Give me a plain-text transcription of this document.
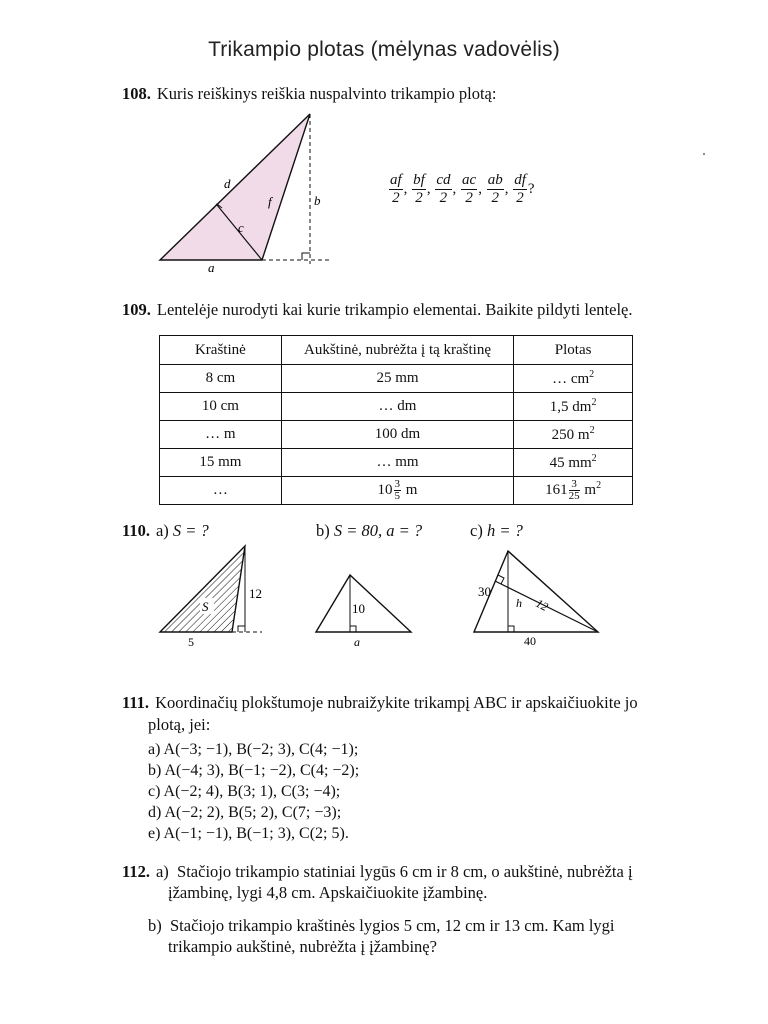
Trikampio plotas (mėlynas vadovėlis)
108. Kuris reiškinys reiškia nuspalvinto trikampio plotą:
d
c
f	b
a
$\frac{af}{2}$ , $\frac{bf}{2}$ , $\frac{cd}{2}$ , $\frac{ac}{2}$ , $\frac{ab}{2}$ , $\frac{df}{2}$ ?
109. Lentelėje nurodyti kai kurie trikampio elementai. Baikite pildyti lentelę.
Kraštinė	Aukštinė, nubrėžta į tą kraštinę	Plotas
8 cm	25 mm	… $cm^2$
10 cm	… dm	1,5 $dm^2$
… m	100 dm	250 $m^2$
15 mm	… mm	45 $mm^2$
…	$10 \frac{3}{5}$ m	$161 \frac{3}{25} m^2$
110. a) S = ?	b) S = 80, a = ?	c) h = ?
S
12
5
10
a
30
h 12
40
111. Koordinačių plokštumoje nubraižykite trikampį ABC ir apskaičiuokite jo
plotą, jei:
a) A(−3; −1), B(−2; 3), C(4; −1);
b) A(−4; 3), B(−1; −2), C(4; −2);
c) A(−2; 4), B(3; 1), C(3; −4);
d) A(−2; 2), B(5; 2), C(7; −3);
e) A(−1; −1), B(−1; 3), C(2; 5).
112. a) Stačiojo trikampio statiniai lygūs 6 cm ir 8 cm, o aukštinė, nubrėžta į
įžambinę, lygi 4,8 cm. Apskaičiuokite įžambinę.
b) Stačiojo trikampio kraštinės lygios 5 cm, 12 cm ir 13 cm. Kam lygi
trikampio aukštinė, nubrėžta į įžambinę?
